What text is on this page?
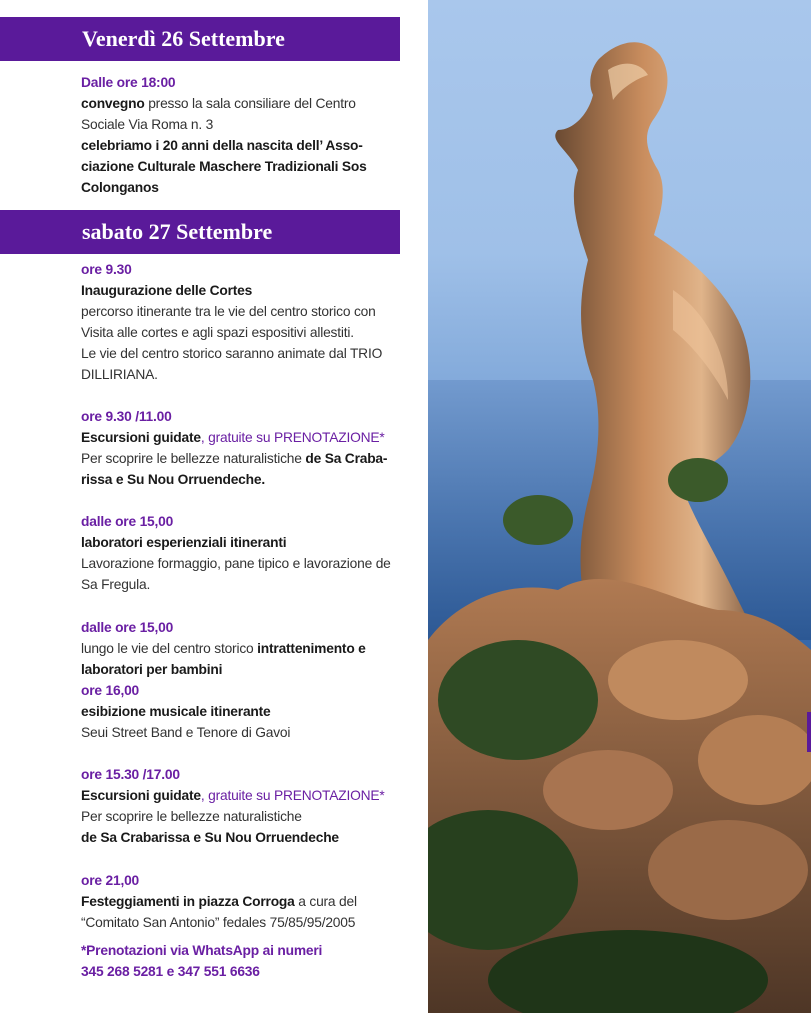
Venerdì 26 Settembre
Dalle ore 18:00
convegno presso la sala consiliare del Centro
Sociale Via Roma n. 3
celebriamo i 20 anni della nascita dell’ Asso-
ciazione Culturale Maschere Tradizionali Sos
Colonganos
sabato 27 Settembre
ore 9.30
Inaugurazione delle Cortes
percorso itinerante tra le vie del centro storico con
Visita alle cortes e agli spazi espositivi allestiti.
Le vie del centro storico saranno animate dal TRIO
DILLIRIANA.
ore 9.30 /11.00
Escursioni guidate, gratuite su PRENOTAZIONE*
Per scoprire le bellezze naturalistiche de Sa Craba-
rissa e Su Nou Orruendeche.
dalle ore 15,00
laboratori esperienziali itineranti
Lavorazione formaggio, pane tipico e lavorazione de
Sa Fregula.
dalle ore 15,00
lungo le vie del centro storico intrattenimento e
laboratori per bambini
ore 16,00
esibizione musicale itinerante
Seui Street Band e Tenore di Gavoi
ore 15.30 /17.00
Escursioni guidate, gratuite su PRENOTAZIONE*
Per scoprire le bellezze naturalistiche
de Sa Crabarissa e Su Nou Orruendeche
ore 21,00
Festeggiamenti in piazza Corroga a cura del
“Comitato San Antonio” fedales 75/85/95/2005
*Prenotazioni via WhatsApp ai numeri
345 268 5281 e 347 551 6636
